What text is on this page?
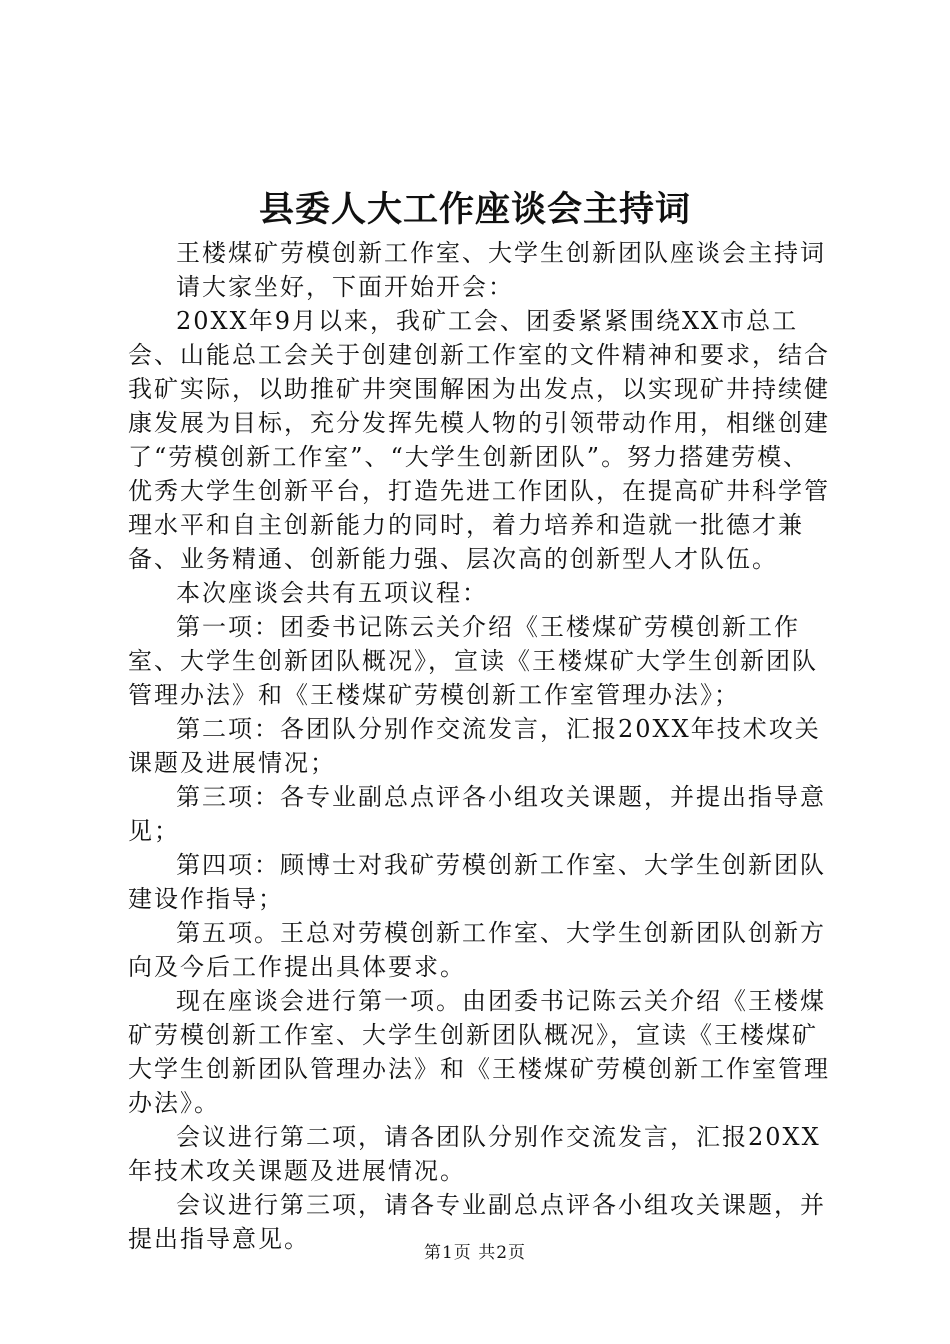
县委人大工作座谈会主持词

王楼煤矿劳模创新工作室、大学生创新团队座谈会主持词

请大家坐好，下面开始开会：

20XX年9月以来，我矿工会、团委紧紧围绕XX市总工会、山能总工会关于创建创新工作室的文件精神和要求，结合我矿实际，以助推矿井突围解困为出发点，以实现矿井持续健康发展为目标，充分发挥先模人物的引领带动作用，相继创建了“劳模创新工作室”、“大学生创新团队”。努力搭建劳模、优秀大学生创新平台，打造先进工作团队，在提高矿井科学管理水平和自主创新能力的同时，着力培养和造就一批德才兼备、业务精通、创新能力强、层次高的创新型人才队伍。

本次座谈会共有五项议程：

第一项：团委书记陈云关介绍《王楼煤矿劳模创新工作室、大学生创新团队概况》，宣读《王楼煤矿大学生创新团队管理办法》和《王楼煤矿劳模创新工作室管理办法》；

第二项：各团队分别作交流发言，汇报20XX年技术攻关课题及进展情况；

第三项：各专业副总点评各小组攻关课题，并提出指导意见；

第四项：顾博士对我矿劳模创新工作室、大学生创新团队建设作指导；

第五项。王总对劳模创新工作室、大学生创新团队创新方向及今后工作提出具体要求。

现在座谈会进行第一项。由团委书记陈云关介绍《王楼煤矿劳模创新工作室、大学生创新团队概况》，宣读《王楼煤矿大学生创新团队管理办法》和《王楼煤矿劳模创新工作室管理办法》。

会议进行第二项，请各团队分别作交流发言，汇报20XX年技术攻关课题及进展情况。

会议进行第三项，请各专业副总点评各小组攻关课题，并提出指导意见。	第1页 共2页
